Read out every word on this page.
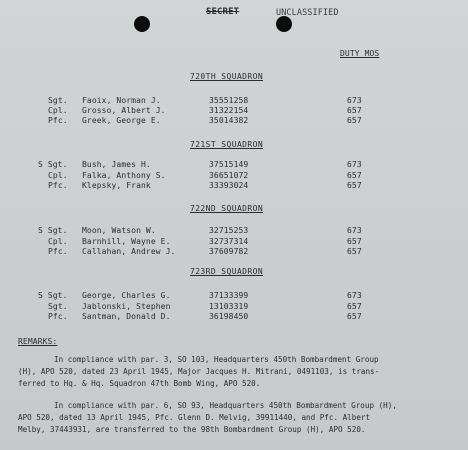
SECRET	UNCLASSIFIED
DUTY MOS
720TH SQUADRON
Sgt. Faoix, Norman J.	35551258	673
Cpl. Grosso, Albert J.	31322154	657
Pfc. Greek, George E.	35014382	657
721ST SQUADRON
S Sgt. Bush, James H.	37515149	673
Cpl. Falka, Anthony S.	36651072	657
Pfc. Klepsky, Frank	33393024	657
722ND SQUADRON
S Sgt. Moon, Watson W.	32715253	673
Cpl. Barnhill, Wayne E.	32737314	657
Pfc. Callahan, Andrew J.	37609782	657
723RD SQUADRON
S Sgt. George, Charles G.	37133399	673
Sgt. Jablonski, Stephen	13103319	657
Pfc. Santman, Donald D.	36198450	657
REMARKS:
In compliance with par. 3, SO 103, Headquarters 450th Bombardment Group
(H), APO 520, dated 23 April 1945, Major Jacques H. Mitrani, 0491103, is trans-
ferred to Hq. & Hq. Squadron 47th Bomb Wing, APO 520.
In compliance with par. 6, SO 93, Headquarters 450th Bombardment Group (H),
APO 520, dated 13 April 1945, Pfc. Glenn D. Melvig, 39911440, and Pfc. Albert
Melby, 37443931, are transferred to the 98th Bombardment Group (H), APO 520.
